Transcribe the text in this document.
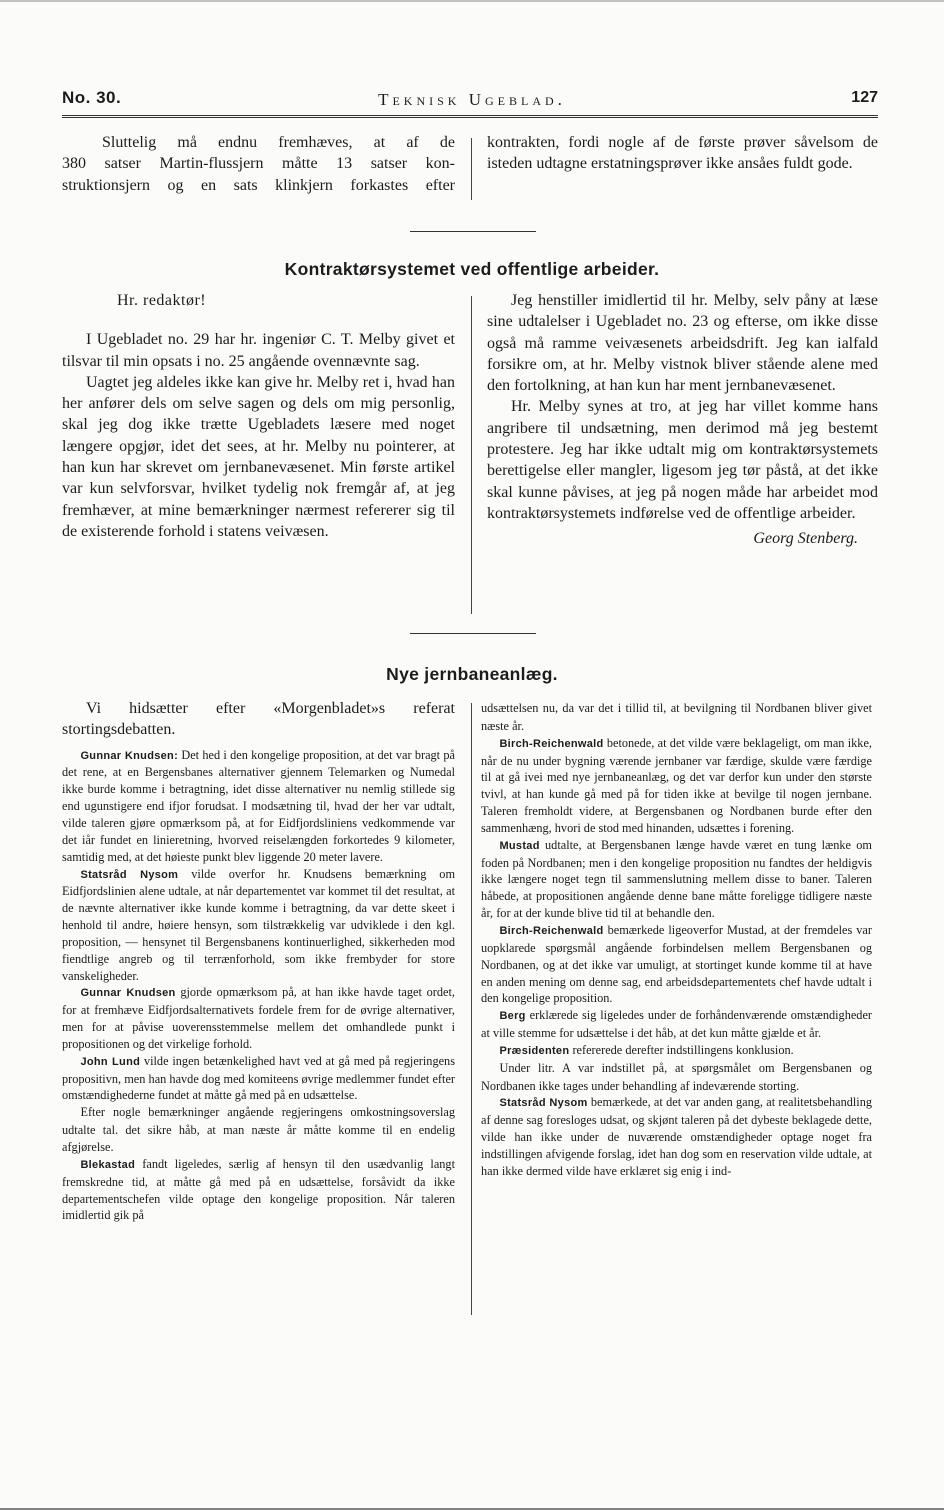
No. 30.	Teknisk Ugeblad.	127
Sluttelig må endnu fremhæves, at af de
380 satser Martin-flussjern måtte 13 satser kon-
struktionsjern og en sats klinkjern forkastes efter

kontrakten, fordi nogle af de første prøver såvelsom de isteden udtagne erstatningsprøver ikke ansåes fuldt gode.

Kontraktørsystemet ved offentlige arbeider.

Hr. redaktør!

I Ugebladet no. 29 har hr. ingeniør C. T. Melby givet et tilsvar til min opsats i no. 25 angående ovennævnte sag.

Uagtet jeg aldeles ikke kan give hr. Melby ret i, hvad han her anfører dels om selve sagen og dels om mig personlig, skal jeg dog ikke trætte Ugebladets læsere med noget længere opgjør, idet det sees, at hr. Melby nu pointerer, at han kun har skrevet om jernbanevæsenet. Min første artikel var kun selvforsvar, hvilket tydelig nok fremgår af, at jeg fremhæver, at mine bemærkninger nærmest refererer sig til de existerende forhold i statens veivæsen.

Jeg henstiller imidlertid til hr. Melby, selv påny at læse sine udtalelser i Ugebladet no. 23 og efterse, om ikke disse også må ramme veivæsenets arbeidsdrift. Jeg kan ialfald forsikre om, at hr. Melby vistnok bliver stående alene med den fortolkning, at han kun har ment jernbanevæsenet.

Hr. Melby synes at tro, at jeg har villet komme hans angribere til undsætning, men derimod må jeg bestemt protestere. Jeg har ikke udtalt mig om kontraktørsystemets berettigelse eller mangler, ligesom jeg tør påstå, at det ikke skal kunne påvises, at jeg på nogen måde har arbeidet mod kontraktørsystemets indførelse ved de offentlige arbeider.

Georg Stenberg.

Nye jernbaneanlæg.

Vi hidsætter efter «Morgenbladet»s referat stortingsdebatten.

Gunnar Knudsen: Det hed i den kongelige proposition, at det var bragt på det rene, at en Bergensbanes alternativer gjennem Telemarken og Numedal ikke burde komme i betragtning, idet disse alternativer nu nemlig stillede sig end ugunstigere end ifjor forudsat. I modsætning til, hvad der her var udtalt, vilde taleren gjøre opmærksom på, at for Eidfjordsliniens vedkommende var det iår fundet en linieretning, hvorved reiselængden forkortedes 9 kilometer, samtidig med, at det høieste punkt blev liggende 20 meter lavere.

Statsråd Nysom vilde overfor hr. Knudsens bemærkning om Eidfjordslinien alene udtale, at når departementet var kommet til det resultat, at de nævnte alternativer ikke kunde komme i betragtning, da var dette skeet i henhold til andre, høiere hensyn, som tilstrækkelig var udviklede i den kgl. proposition, — hensynet til Bergensbanens kontinuerlighed, sikkerheden mod fiendtlige angreb og til terrænforhold, som ikke frembyder for store vanskeligheder.

Gunnar Knudsen gjorde opmærksom på, at han ikke havde taget ordet, for at fremhæve Eidfjordsalternativets fordele frem for de øvrige alternativer, men for at påvise uoverensstemmelse mellem det omhandlede punkt i propositionen og det virkelige forhold.

John Lund vilde ingen betænkelighed havt ved at gå med på regjeringens propositivn, men han havde dog med komiteens øvrige medlemmer fundet efter omstændighederne fundet at måtte gå med på en udsættelse.

Efter nogle bemærkninger angående regjeringens omkostningsoverslag udtalte tal. det sikre håb, at man næste år måtte komme til en endelig afgjørelse.

Blekastad fandt ligeledes, særlig af hensyn til den usædvanlig langt fremskredne tid, at måtte gå med på en udsættelse, forsåvidt da ikke departementschefen vilde optage den kongelige proposition. Når taleren imidlertid gik på

udsættelsen nu, da var det i tillid til, at bevilgning til Nordbanen bliver givet næste år.

Birch-Reichenwald betonede, at det vilde være beklageligt, om man ikke, når de nu under bygning værende jernbaner var færdige, skulde være færdige til at gå ivei med nye jernbaneanlæg, og det var derfor kun under den største tvivl, at han kunde gå med på for tiden ikke at bevilge til nogen jernbane. Taleren fremholdt videre, at Bergensbanen og Nordbanen burde efter den sammenhæng, hvori de stod med hinanden, udsættes i forening.

Mustad udtalte, at Bergensbanen længe havde været en tung lænke om foden på Nordbanen; men i den kongelige proposition nu fandtes der heldigvis ikke længere noget tegn til sammenslutning mellem disse to baner. Taleren håbede, at propositionen angående denne bane måtte foreligge tidligere næste år, for at der kunde blive tid til at behandle den.

Birch-Reichenwald bemærkede ligeoverfor Mustad, at der fremdeles var uopklarede spørgsmål angående forbindelsen mellem Bergensbanen og Nordbanen, og at det ikke var umuligt, at stortinget kunde komme til at have en anden mening om denne sag, end arbeidsdepartementets chef havde udtalt i den kongelige proposition.

Berg erklærede sig ligeledes under de forhåndenværende omstændigheder at ville stemme for udsættelse i det håb, at det kun måtte gjælde et år.

Præsidenten refererede derefter indstillingens konklusion.

Under litr. A var indstillet på, at spørgsmålet om Bergensbanen og Nordbanen ikke tages under behandling af indeværende storting.

Statsråd Nysom bemærkede, at det var anden gang, at realitetsbehandling af denne sag foresloges udsat, og skjønt taleren på det dybeste beklagede dette, vilde han ikke under de nuværende omstændigheder optage noget fra indstillingen afvigende forslag, idet han dog som en reservation vilde udtale, at han ikke dermed vilde have erklæret sig enig i ind-
